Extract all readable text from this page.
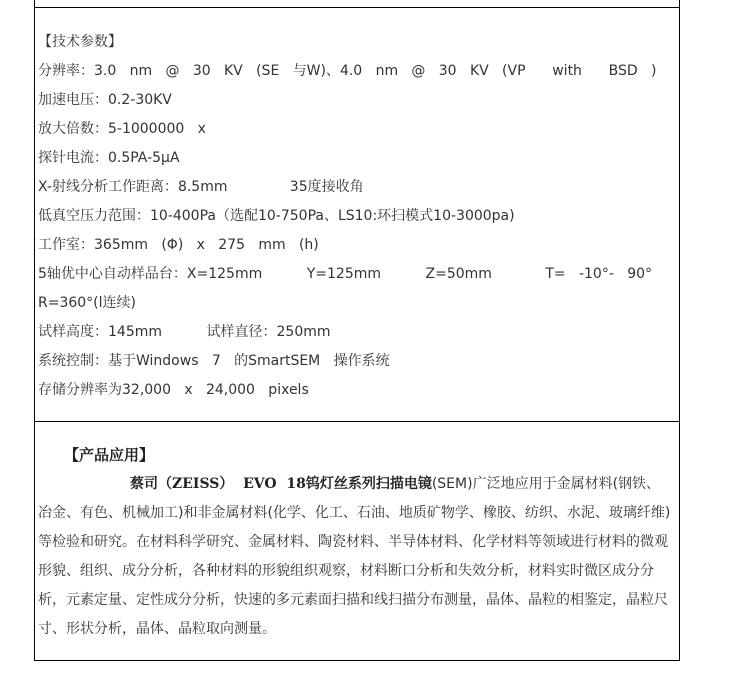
【技术参数】
分辨率：3.0   nm   @   30   KV   (SE   与W)、4.0   nm   @   30   KV   (VP      with      BSD   )
加速电压：0.2-30KV
放大倍数：5-1000000   x
探针电流：0.5PA-5μA
X-射线分析工作距离：8.5mm              35度接收角
低真空压力范围：10-400Pa（选配10-750Pa、LS10:环扫模式10-3000pa)
工作室：365mm   (Φ)   x   275   mm   (h)
5轴优中心自动样品台：X=125mm          Y=125mm          Z=50mm            T=   -10°-   90°
R=360°(l连续)
试样高度：145mm          试样直径：250mm
系统控制：基于Windows   7   的SmartSEM   操作系统
存储分辨率为32,000   x   24,000   pixels
【产品应用】
蔡司（ZEISS）  EVO  18钨灯丝系列扫描电镜(SEM)广泛地应用于金属材料(钢铁、
冶金、有色、机械加工)和非金属材料(化学、化工、石油、地质矿物学、橡胶、纺织、水泥、玻璃纤维)
等检验和研究。在材料科学研究、金属材料、陶瓷材料、半导体材料、化学材料等领域进行材料的微观
形貌、组织、成分分析，各种材料的形貌组织观察，材料断口分析和失效分析，材料实时微区成分分
析，元素定量、定性成分分析，快速的多元素面扫描和线扫描分布测量，晶体、晶粒的相鉴定，晶粒尺
寸、形状分析，晶体、晶粒取向测量。
